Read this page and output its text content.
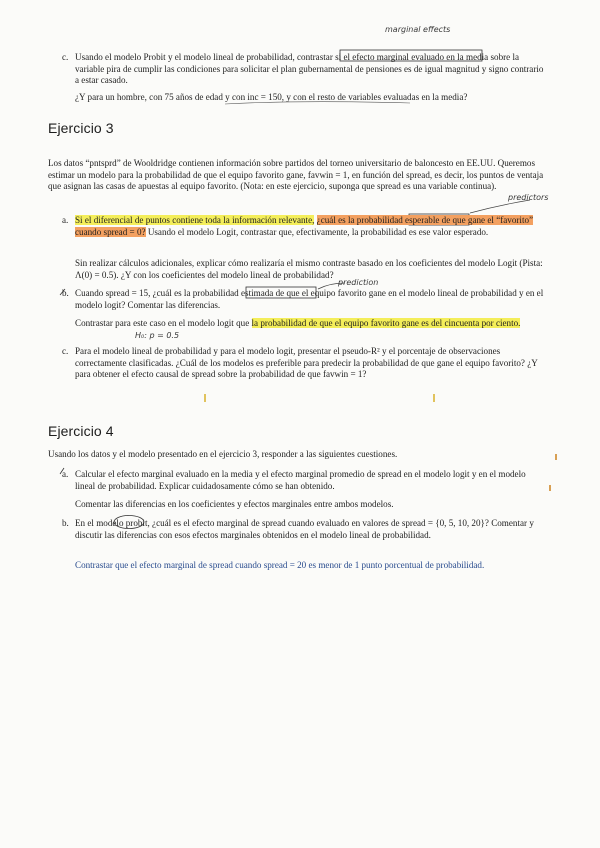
c. Usando el modelo Probit y el modelo lineal de probabilidad, contrastar si el efecto marginal evaluado en la media sobre la variable pira de cumplir las condiciones para solicitar el plan gubernamental de pensiones es de igual magnitud y signo contrario a estar casado.

¿Y para un hombre, con 75 años de edad y con inc = 150, y con el resto de variables evaluadas en la media?

marginal effects
Ejercicio 3

Los datos “pntsprd” de Wooldridge contienen información sobre partidos del torneo universitario de baloncesto en EE.UU. Queremos estimar un modelo para la probabilidad de que el equipo favorito gane, favwin = 1, en función del spread, es decir, los puntos de ventaja que asignan las casas de apuestas al equipo favorito. (Nota: en este ejercicio, suponga que spread es una variable continua).

a. Si el diferencial de puntos contiene toda la información relevante, ¿cuál es la probabilidad esperable de que gane el “favorito” cuando spread = 0? Usando el modelo Logit, contrastar que, efectivamente, la probabilidad es ese valor esperado.

Sin realizar cálculos adicionales, explicar cómo realizaría el mismo contraste basado en los coeficientes del modelo Logit (Pista: Λ(0) = 0.5). ¿Y con los coeficientes del modelo lineal de probabilidad?

predictors
b. Cuando spread = 15, ¿cuál es la probabilidad estimada de que el equipo favorito gane en el modelo lineal de probabilidad y en el modelo logit? Comentar las diferencias.

Contrastar para este caso en el modelo logit que la probabilidad de que el equipo favorito gane es del cincuenta por ciento.

prediction
H₀: p = 0.5
c. Para el modelo lineal de probabilidad y para el modelo logit, presentar el pseudo-R² y el porcentaje de observaciones correctamente clasificadas. ¿Cuál de los modelos es preferible para predecir la probabilidad de que gane el equipo favorito? ¿Y para obtener el efecto causal de spread sobre la probabilidad de que favwin = 1?

Ejercicio 4

Usando los datos y el modelo presentado en el ejercicio 3, responder a las siguientes cuestiones.

a. Calcular el efecto marginal evaluado en la media y el efecto marginal promedio de spread en el modelo logit y en el modelo lineal de probabilidad. Explicar cuidadosamente cómo se han obtenido.

Comentar las diferencias en los coeficientes y efectos marginales entre ambos modelos.

b. En el modelo probit, ¿cuál es el efecto marginal de spread cuando evaluado en valores de spread = {0, 5, 10, 20}? Comentar y discutir las diferencias con esos efectos marginales obtenidos en el modelo lineal de probabilidad.

Contrastar que el efecto marginal de spread cuando spread = 20 es menor de 1 punto porcentual de probabilidad.
